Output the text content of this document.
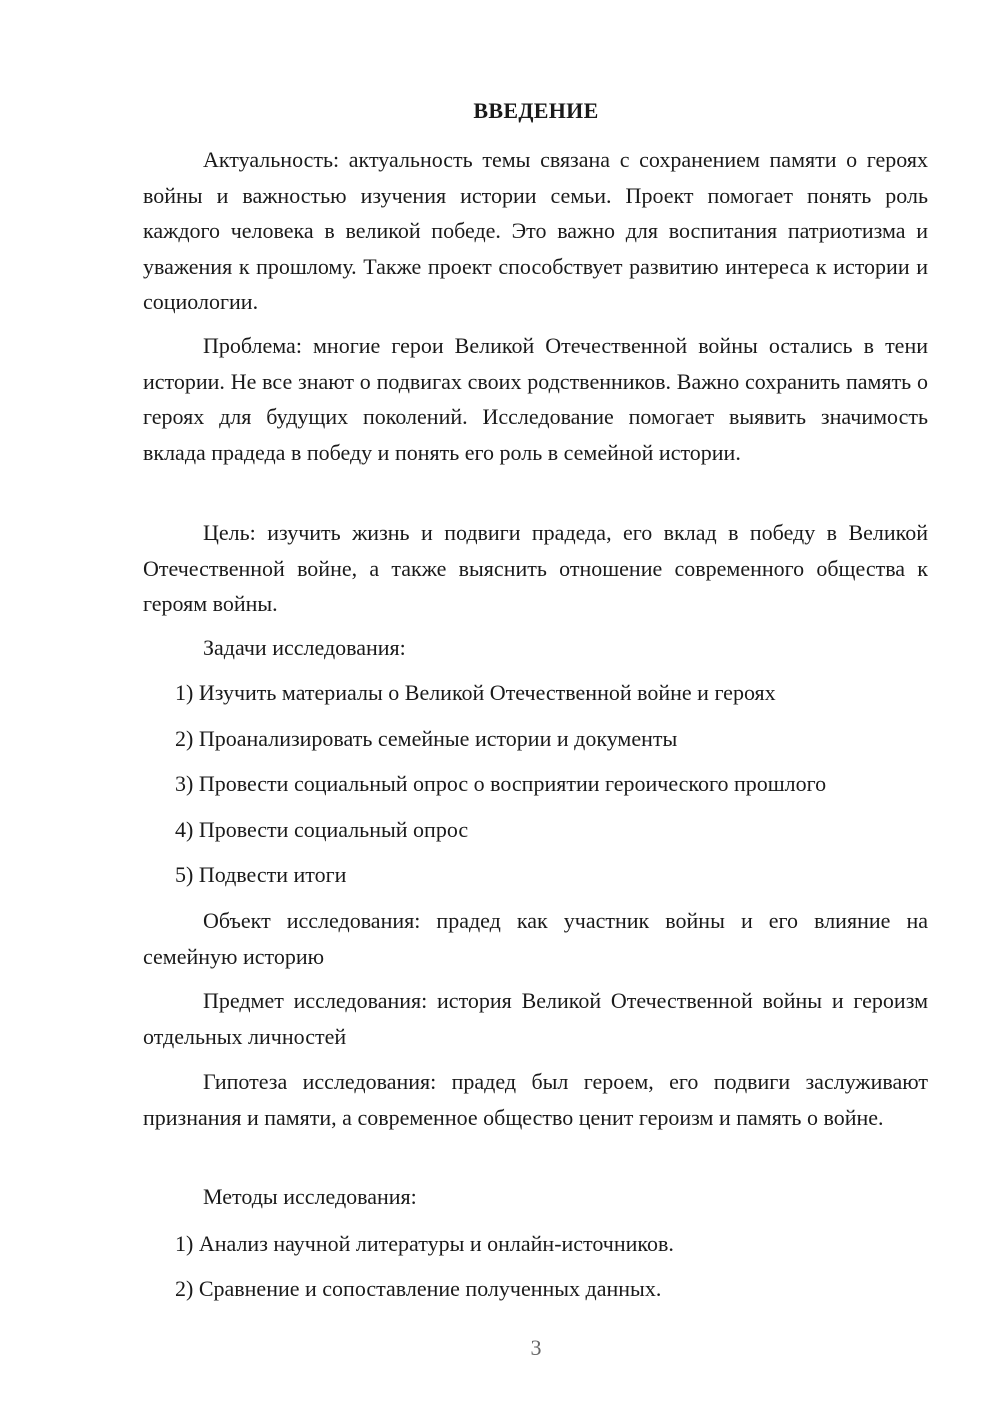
ВВЕДЕНИЕ

Актуальность: актуальность темы связана с сохранением памяти о героях войны и важностью изучения истории семьи. Проект помогает понять роль каждого человека в великой победе. Это важно для воспитания патриотизма и уважения к прошлому. Также проект способствует развитию интереса к истории и социологии.

Проблема: многие герои Великой Отечественной войны остались в тени истории. Не все знают о подвигах своих родственников. Важно сохранить память о героях для будущих поколений. Исследование помогает выявить значимость вклада прадеда в победу и понять его роль в семейной истории.

Цель: изучить жизнь и подвиги прадеда, его вклад в победу в Великой Отечественной войне, а также выяснить отношение современного общества к героям войны.

Задачи исследования:

1) Изучить материалы о Великой Отечественной войне и героях

2) Проанализировать семейные истории и документы

3) Провести социальный опрос о восприятии героического прошлого

4) Провести социальный опрос

5) Подвести итоги

Объект исследования: прадед как участник войны и его влияние на семейную историю

Предмет исследования: история Великой Отечественной войны и героизм отдельных личностей

Гипотеза исследования: прадед был героем, его подвиги заслуживают признания и памяти, а современное общество ценит героизм и память о войне.

Методы исследования:

1) Анализ научной литературы и онлайн-источников.

2) Сравнение и сопоставление полученных данных.

3
